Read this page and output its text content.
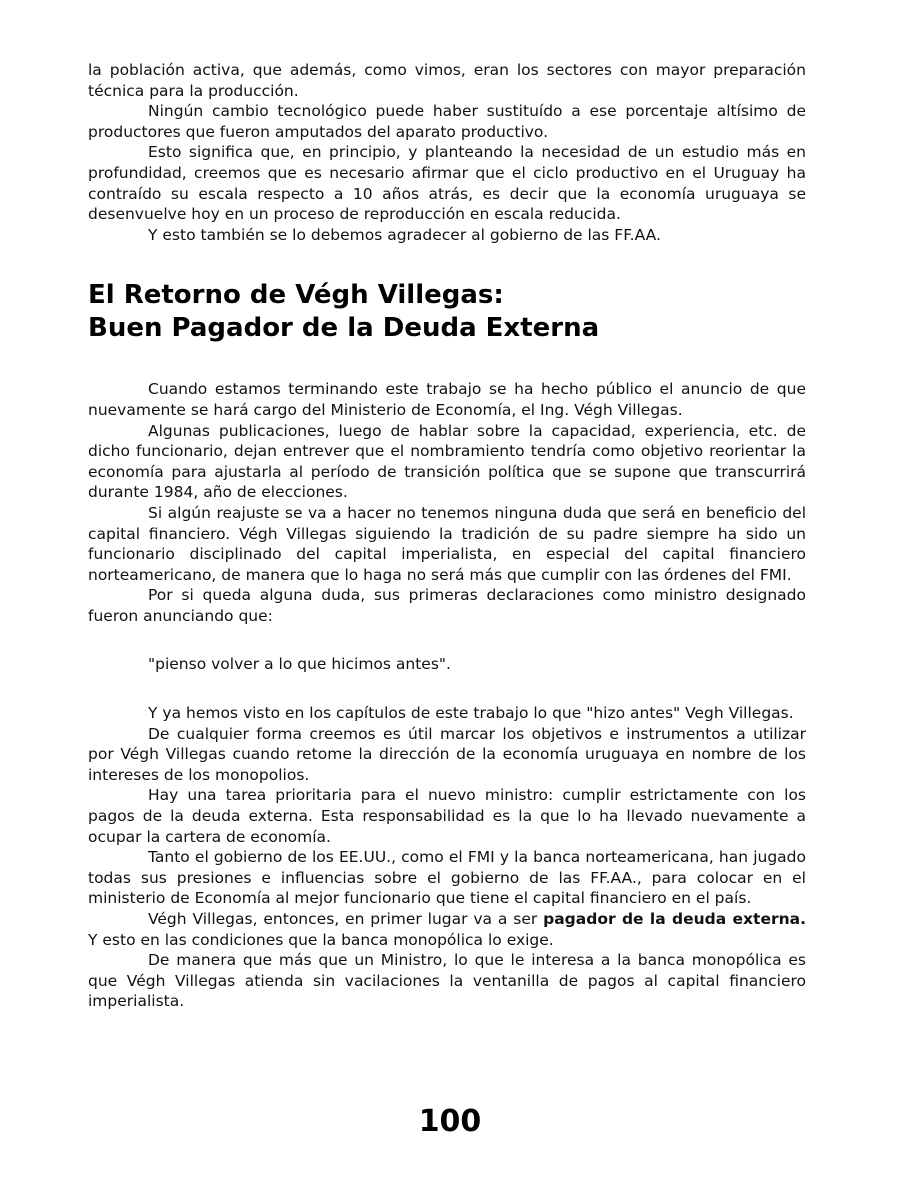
la población activa, que además, como vimos, eran los sectores con mayor preparación técnica para la producción.

Ningún cambio tecnológico puede haber sustituído a ese porcentaje altísimo de productores que fueron amputados del aparato productivo.

Esto significa que, en principio, y planteando la necesidad de un estudio más en profundidad, creemos que es necesario afirmar que el ciclo productivo en el Uruguay ha contraído su escala respecto a 10 años atrás, es decir que la economía uruguaya se desenvuelve hoy en un proceso de reproducción en escala reducida.

Y esto también se lo debemos agradecer al gobierno de las FF.AA.

El Retorno de Végh Villegas:
Buen Pagador de la Deuda Externa

Cuando estamos terminando este trabajo se ha hecho público el anuncio de que nuevamente se hará cargo del Ministerio de Economía, el Ing. Végh Villegas.

Algunas publicaciones, luego de hablar sobre la capacidad, experiencia, etc. de dicho funcionario, dejan entrever que el nombramiento tendría como objetivo reorientar la economía para ajustarla al período de transición política que se supone que transcurrirá durante 1984, año de elecciones.

Si algún reajuste se va a hacer no tenemos ninguna duda que será en beneficio del capital financiero. Végh Villegas siguiendo la tradición de su padre siempre ha sido un funcionario disciplinado del capital imperialista, en especial del capital financiero norteamericano, de manera que lo haga no será más que cumplir con las órdenes del FMI.

Por si queda alguna duda, sus primeras declaraciones como ministro designado fueron anunciando que:

"pienso volver a lo que hicimos antes".

Y ya hemos visto en los capítulos de este trabajo lo que "hizo antes" Vegh Villegas.

De cualquier forma creemos es útil marcar los objetivos e instrumentos a utilizar por Végh Villegas cuando retome la dirección de la economía uruguaya en nombre de los intereses de los monopolios.

Hay una tarea prioritaria para el nuevo ministro: cumplir estrictamente con los pagos de la deuda externa. Esta responsabilidad es la que lo ha llevado nuevamente a ocupar la cartera de economía.

Tanto el gobierno de los EE.UU., como el FMI y la banca norteamericana, han jugado todas sus presiones e influencias sobre el gobierno de las FF.AA., para colocar en el ministerio de Economía al mejor funcionario que tiene el capital financiero en el país.

Végh Villegas, entonces, en primer lugar va a ser pagador de la deuda externa. Y esto en las condiciones que la banca monopólica lo exige.

De manera que más que un Ministro, lo que le interesa a la banca monopólica es que Végh Villegas atienda sin vacilaciones la ventanilla de pagos al capital financiero imperialista.

100
